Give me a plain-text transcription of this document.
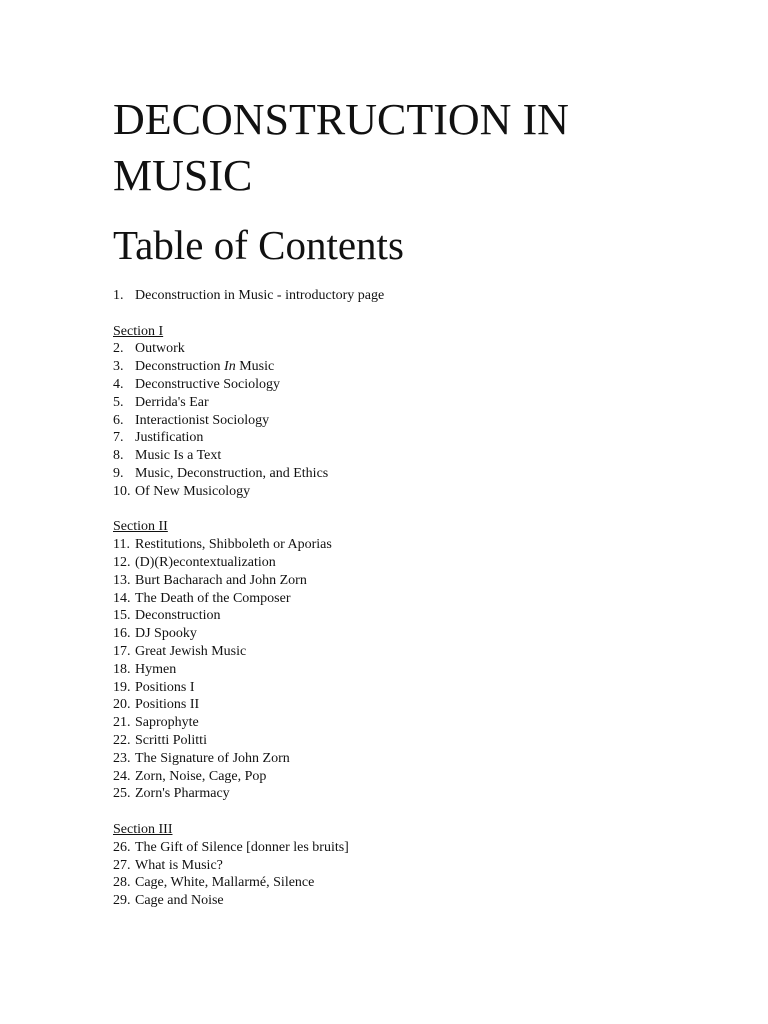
DECONSTRUCTION IN
MUSIC
Table of Contents
1. Deconstruction in Music - introductory page
Section I
2. Outwork
3. Deconstruction In Music
4. Deconstructive Sociology
5. Derrida's Ear
6. Interactionist Sociology
7. Justification
8. Music Is a Text
9. Music, Deconstruction, and Ethics
10. Of New Musicology
Section II
11. Restitutions, Shibboleth or Aporias
12. (D)(R)econtextualization
13. Burt Bacharach and John Zorn
14. The Death of the Composer
15. Deconstruction
16. DJ Spooky
17. Great Jewish Music
18. Hymen
19. Positions I
20. Positions II
21. Saprophyte
22. Scritti Politti
23. The Signature of John Zorn
24. Zorn, Noise, Cage, Pop
25. Zorn's Pharmacy
Section III
26. The Gift of Silence [donner les bruits]
27. What is Music?
28. Cage, White, Mallarmé, Silence
29. Cage and Noise
